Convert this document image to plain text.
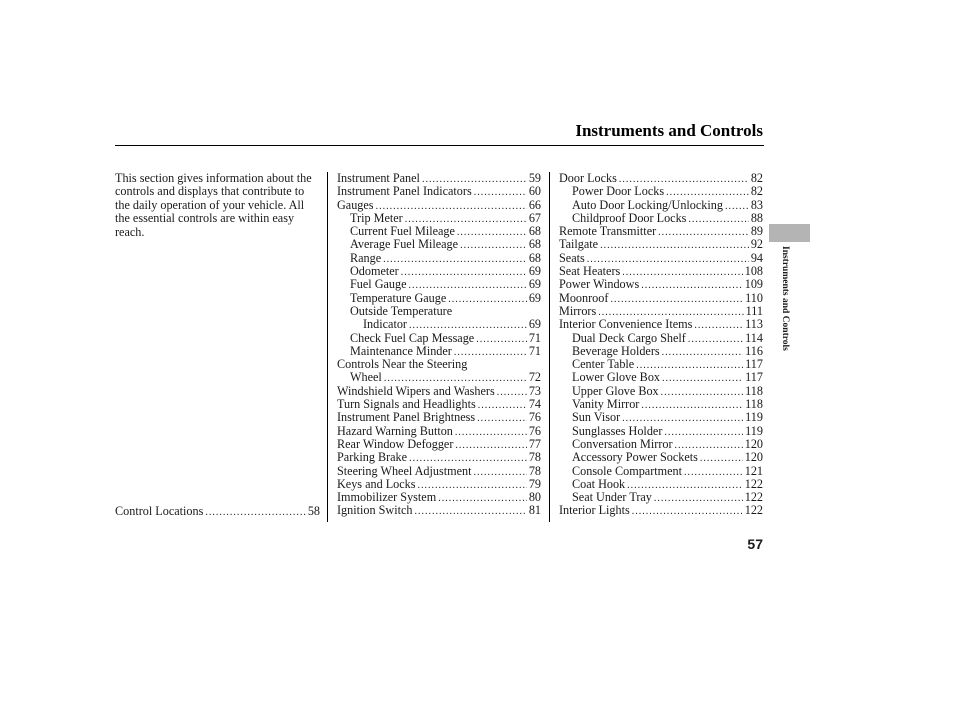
Instruments and Controls

This section gives information about the controls and displays that contribute to the daily operation of your vehicle. All the essential controls are within easy reach.

Control Locations .....	58
Instrument Panel .....	59
Instrument Panel Indicators .....	60
Gauges .....	66
Trip Meter .....	67
Current Fuel Mileage .....	68
Average Fuel Mileage .....	68
Range .....	68
Odometer .....	69
Fuel Gauge .....	69
Temperature Gauge .....	69
Outside Temperature
Indicator .....	69
Check Fuel Cap Message .....	71
Maintenance Minder .....	71
Controls Near the Steering
Wheel .....	72
Windshield Wipers and Washers .....	73
Turn Signals and Headlights .....	74
Instrument Panel Brightness .....	76
Hazard Warning Button .....	76
Rear Window Defogger .....	77
Parking Brake .....	78
Steering Wheel Adjustment .....	78
Keys and Locks .....	79
Immobilizer System .....	80
Ignition Switch .....	81
Door Locks .....	82
Power Door Locks .....	82
Auto Door Locking/Unlocking ..... 83
Childproof Door Locks .....	88
Remote Transmitter .....	89
Tailgate .....	92
Seats .....	94
Seat Heaters .....	108
Power Windows .....	109
Moonroof .....	110
Mirrors .....	111
Interior Convenience Items .....	113
Dual Deck Cargo Shelf .....	114
Beverage Holders .....	116
Center Table .....	117
Lower Glove Box .....	117
Upper Glove Box .....	118
Vanity Mirror .....	118
Sun Visor .....	119
Sunglasses Holder .....	119
Conversation Mirror .....	120
Accessory Power Sockets .....	120
Console Compartment .....	121
Coat Hook .....	122
Seat Under Tray .....	122
Interior Lights .....	122
Instruments and Controls
57
